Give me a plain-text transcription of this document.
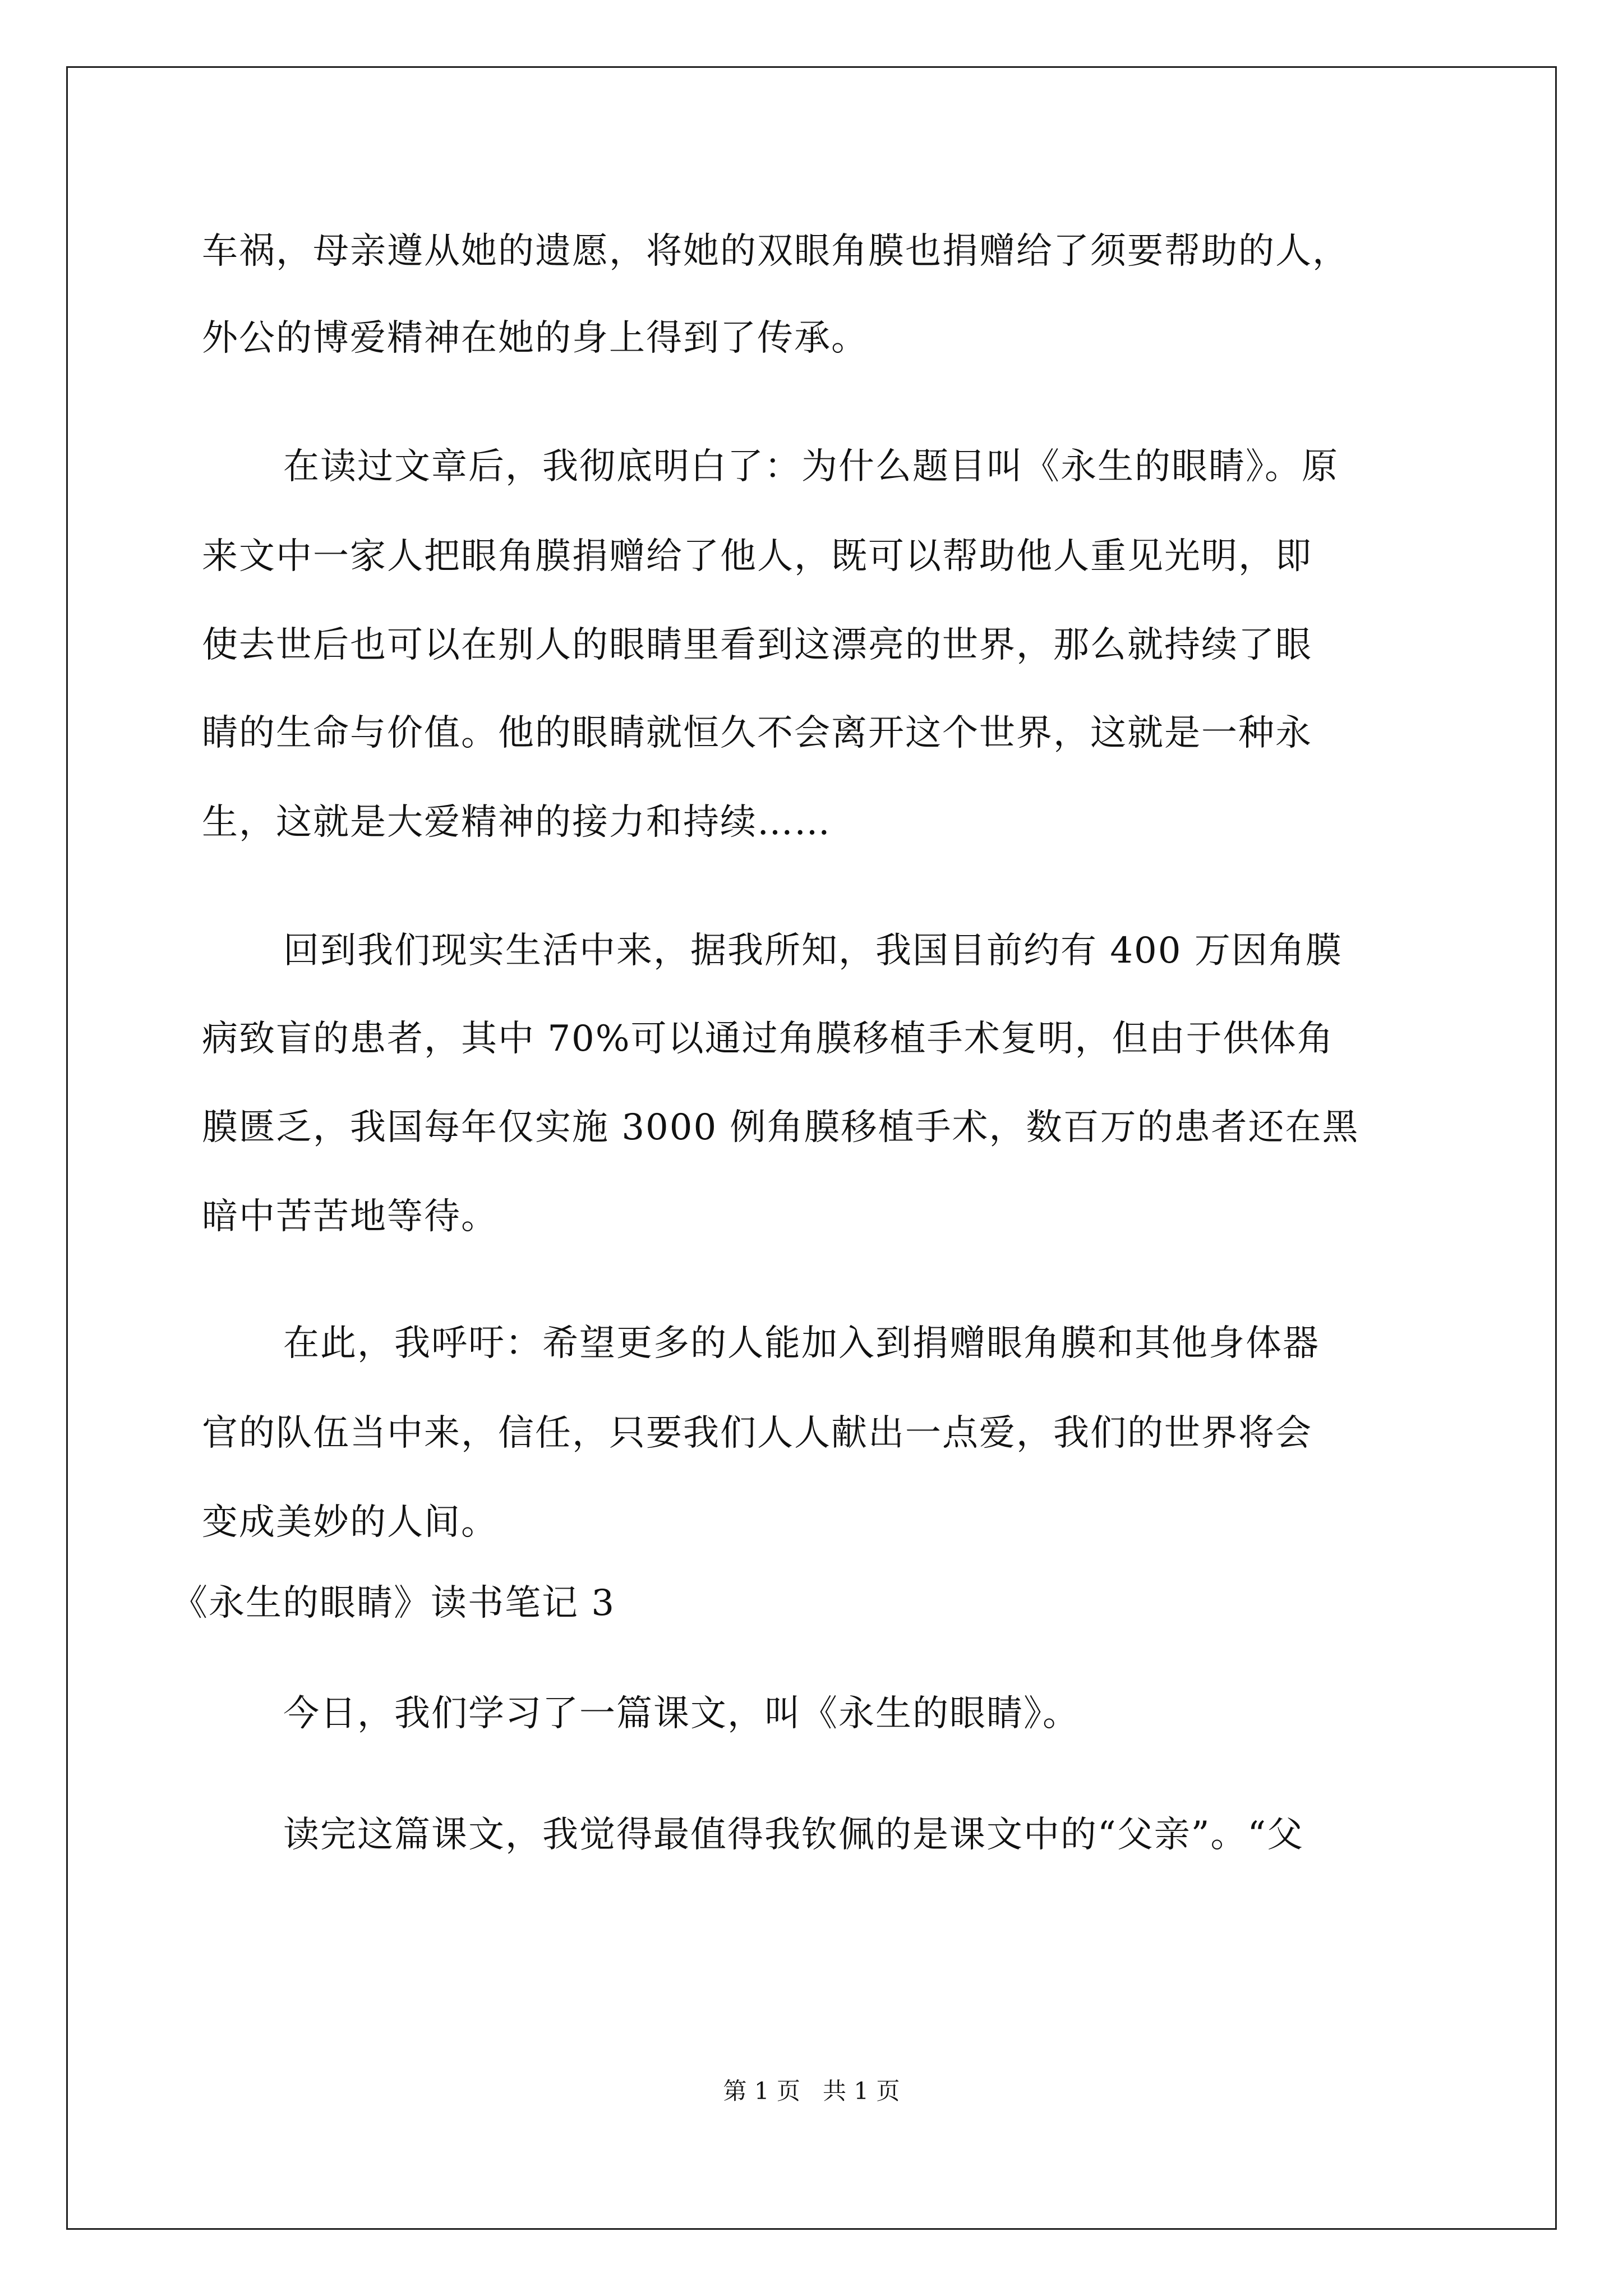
车祸，母亲遵从她的遗愿，将她的双眼角膜也捐赠给了须要帮助的人，
外公的博爱精神在她的身上得到了传承。
在读过文章后，我彻底明白了：为什么题目叫《永生的眼睛》。原
来文中一家人把眼角膜捐赠给了他人，既可以帮助他人重见光明，即
使去世后也可以在别人的眼睛里看到这漂亮的世界，那么就持续了眼
睛的生命与价值。他的眼睛就恒久不会离开这个世界，这就是一种永
生，这就是大爱精神的接力和持续……
回到我们现实生活中来，据我所知，我国目前约有 400 万因角膜
病致盲的患者，其中 70%可以通过角膜移植手术复明，但由于供体角
膜匮乏，我国每年仅实施 3000 例角膜移植手术，数百万的患者还在黑
暗中苦苦地等待。
在此，我呼吁：希望更多的人能加入到捐赠眼角膜和其他身体器
官的队伍当中来，信任，只要我们人人献出一点爱，我们的世界将会
变成美妙的人间。
《永生的眼睛》读书笔记 3
今日，我们学习了一篇课文，叫《永生的眼睛》。
读完这篇课文，我觉得最值得我钦佩的是课文中的“父亲”。“父
第 1 页   共 1 页
